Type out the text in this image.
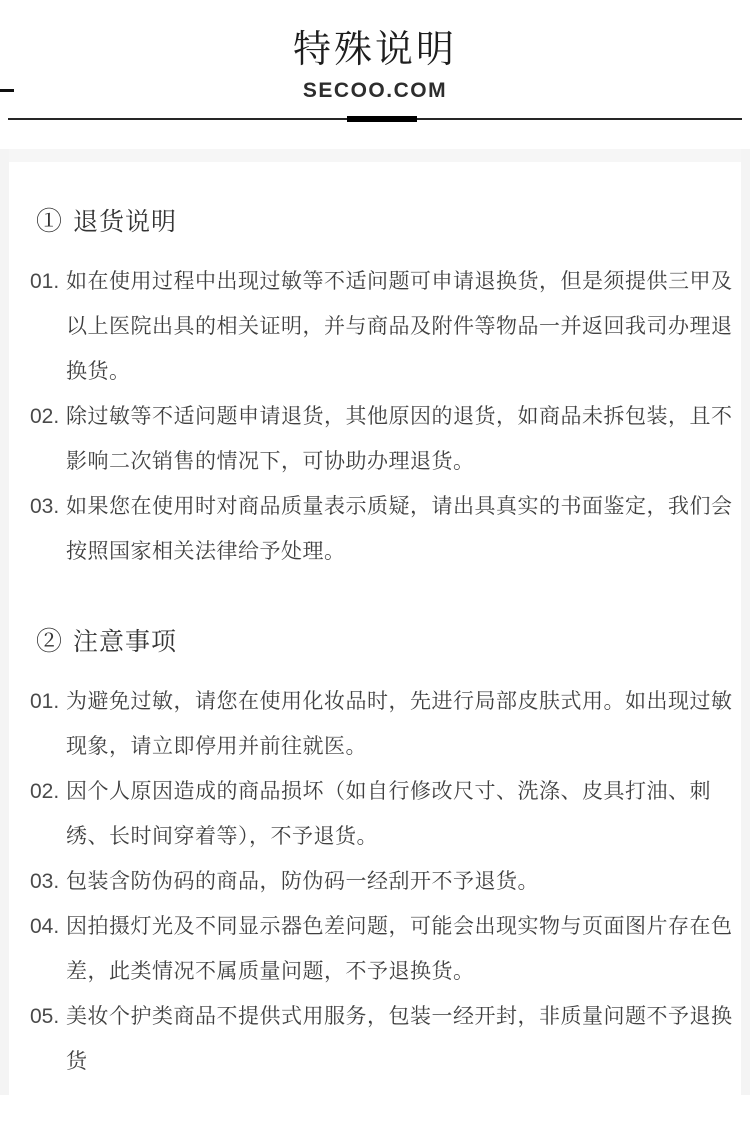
特殊说明
SECOO.COM
① 退货说明
01. 如在使用过程中出现过敏等不适问题可申请退换货，但是须提供三甲及以上医院出具的相关证明，并与商品及附件等物品一并返回我司办理退换货。
02. 除过敏等不适问题申请退货，其他原因的退货，如商品未拆包装，且不影响二次销售的情况下，可协助办理退货。
03. 如果您在使用时对商品质量表示质疑，请出具真实的书面鉴定，我们会按照国家相关法律给予处理。
② 注意事项
01. 为避免过敏，请您在使用化妆品时，先进行局部皮肤式用。如出现过敏现象，请立即停用并前往就医。
02. 因个人原因造成的商品损坏（如自行修改尺寸、洗涤、皮具打油、刺绣、长时间穿着等），不予退货。
03. 包装含防伪码的商品，防伪码一经刮开不予退货。
04. 因拍摄灯光及不同显示器色差问题，可能会出现实物与页面图片存在色差，此类情况不属质量问题，不予退换货。
05. 美妆个护类商品不提供式用服务，包装一经开封，非质量问题不予退换货
